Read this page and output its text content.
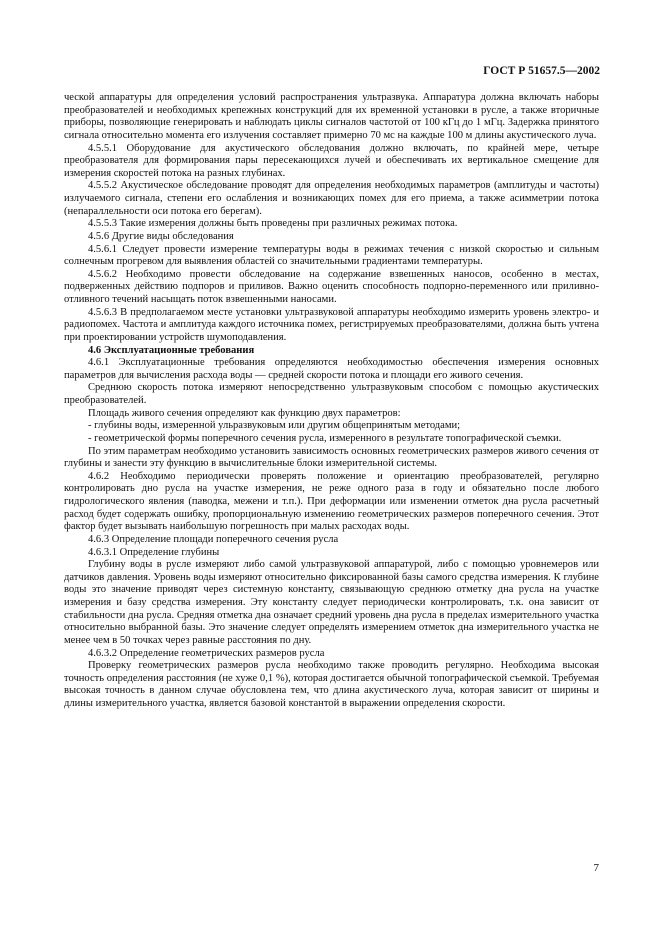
ГОСТ Р 51657.5—2002

ческой аппаратуры для определения условий распространения ультразвука. Аппаратура должна включать наборы преобразователей и необходимых крепежных конструкций для их временной установки в русле, а также вторичные приборы, позволяющие генерировать и наблюдать циклы сигналов частотой от 100 кГц до 1 мГц. Задержка принятого сигнала относительно момента его излучения составляет примерно 70 мс на каждые 100 м длины акустического луча.

4.5.5.1 Оборудование для акустического обследования должно включать, по крайней мере, четыре преобразователя для формирования пары пересекающихся лучей и обеспечивать их вертикальное смещение для измерения скоростей потока на разных глубинах.

4.5.5.2 Акустическое обследование проводят для определения необходимых параметров (амплитуды и частоты) излучаемого сигнала, степени его ослабления и возникающих помех для его приема, а также асимметрии потока (непараллельности оси потока его берегам).

4.5.5.3 Такие измерения должны быть проведены при различных режимах потока.

4.5.6 Другие виды обследования

4.5.6.1 Следует провести измерение температуры воды в режимах течения с низкой скоростью и сильным солнечным прогревом для выявления областей со значительными градиентами температуры.

4.5.6.2 Необходимо провести обследование на содержание взвешенных наносов, особенно в местах, подверженных действию подпоров и приливов. Важно оценить способность подпорно-переменного или приливно-отливного течений насыщать поток взвешенными наносами.

4.5.6.3 В предполагаемом месте установки ультразвуковой аппаратуры необходимо измерить уровень электро- и радиопомех. Частота и амплитуда каждого источника помех, регистрируемых преобразователями, должна быть учтена при проектировании устройств шумоподавления.

4.6 Эксплуатационные требования

4.6.1 Эксплуатационные требования определяются необходимостью обеспечения измерения основных параметров для вычисления расхода воды — средней скорости потока и площади его живого сечения.

Среднюю скорость потока измеряют непосредственно ультразвуковым способом с помощью акустических преобразователей.

Площадь живого сечения определяют как функцию двух параметров:

- глубины воды, измеренной ульразвуковым или другим общепринятым методами;

- геометрической формы поперечного сечения русла, измеренного в результате топографической съемки.

По этим параметрам необходимо установить зависимость основных геометрических размеров живого сечения от глубины и занести эту функцию в вычислительные блоки измерительной системы.

4.6.2 Необходимо периодически проверять положение и ориентацию преобразователей, регулярно контролировать дно русла на участке измерения, не реже одного раза в году и обязательно после любого гидрологического явления (паводка, межени и т.п.). При деформации или изменении отметок дна русла расчетный расход будет содержать ошибку, пропорциональную изменению геометрических размеров поперечного сечения. Этот фактор будет вызывать наибольшую погрешность при малых расходах воды.

4.6.3 Определение площади поперечного сечения русла

4.6.3.1 Определение глубины

Глубину воды в русле измеряют либо самой ультразвуковой аппаратурой, либо с помощью уровнемеров или датчиков давления. Уровень воды измеряют относительно фиксированной базы самого средства измерения. К глубине воды это значение приводят через системную константу, связывающую среднюю отметку дна русла на участке измерения и базу средства измерения. Эту константу следует периодически контролировать, т.к. она зависит от стабильности дна русла. Средняя отметка дна означает средний уровень дна русла в пределах измерительного участка относительно выбранной базы. Это значение следует определять измерением отметок дна измерительного участка не менее чем в 50 точках через равные расстояния по дну.

4.6.3.2 Определение геометрических размеров русла

Проверку геометрических размеров русла необходимо также проводить регулярно. Необходима высокая точность определения расстояния (не хуже 0,1 %), которая достигается обычной топографической съемкой. Требуемая высокая точность в данном случае обусловлена тем, что длина акустического луча, которая зависит от ширины и длины измерительного участка, является базовой константой в выражении определения скорости.

7
